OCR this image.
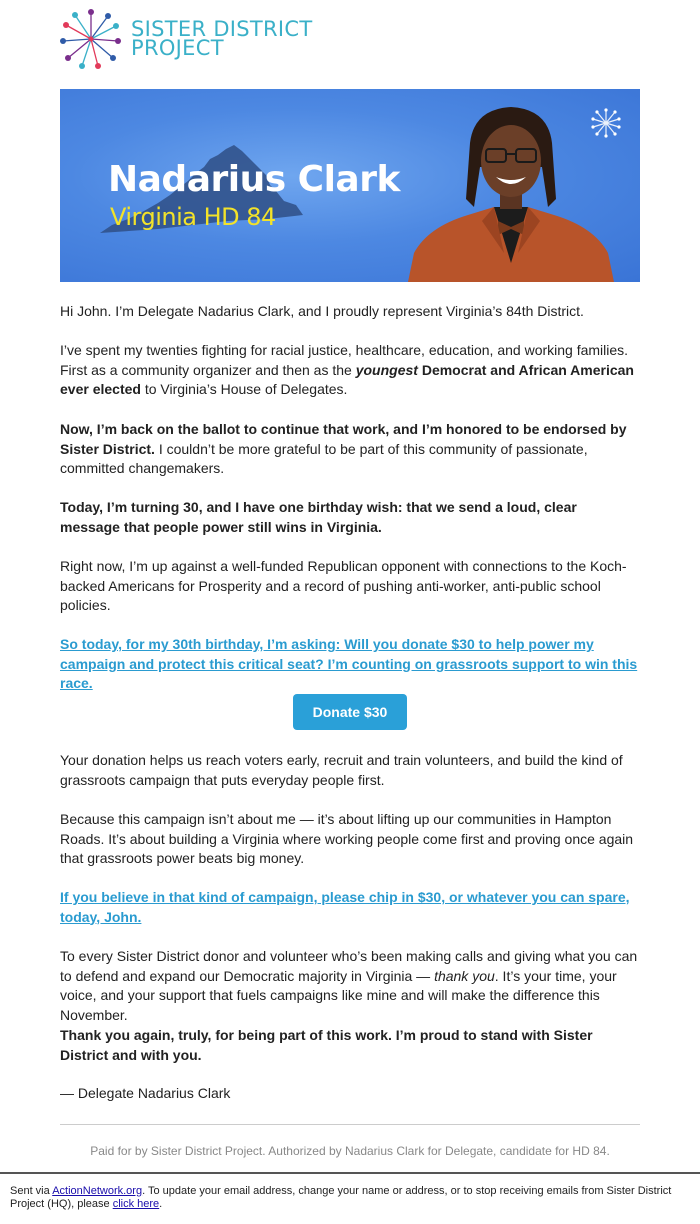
SISTER DISTRICT
PROJECT
Nadarius Clark
Virginia HD 84

Hi John. I’m Delegate Nadarius Clark, and I proudly represent Virginia’s 84th District.

I’ve spent my twenties fighting for racial justice, healthcare, education, and working families. First as a community organizer and then as the youngest Democrat and African American ever elected to Virginia’s House of Delegates.

Now, I’m back on the ballot to continue that work, and I’m honored to be endorsed by Sister District. I couldn’t be more grateful to be part of this community of passionate, committed changemakers.

Today, I’m turning 30, and I have one birthday wish: that we send a loud, clear message that people power still wins in Virginia.

Right now, I’m up against a well-funded Republican opponent with connections to the Koch-backed Americans for Prosperity and a record of pushing anti-worker, anti-public school policies.

So today, for my 30th birthday, I’m asking: Will you donate $30 to help power my campaign and protect this critical seat? I’m counting on grassroots support to win this race.

Your donation helps us reach voters early, recruit and train volunteers, and build the kind of grassroots campaign that puts everyday people first.

Because this campaign isn’t about me — it’s about lifting up our communities in Hampton Roads. It’s about building a Virginia where working people come first and proving once again that grassroots power beats big money.

If you believe in that kind of campaign, please chip in $30, or whatever you can spare, today, John.

To every Sister District donor and volunteer who’s been making calls and giving what you can to defend and expand our Democratic majority in Virginia — thank you. It’s your time, your voice, and your support that fuels campaigns like mine and will make the difference this November.

Thank you again, truly, for being part of this work. I’m proud to stand with Sister District and with you.

— Delegate Nadarius Clark

Donate $30
Paid for by Sister District Project. Authorized by Nadarius Clark for Delegate, candidate for HD 84.
Sent via ActionNetwork.org. To update your email address, change your name or address, or to stop receiving emails from Sister District Project (HQ), please click here.
